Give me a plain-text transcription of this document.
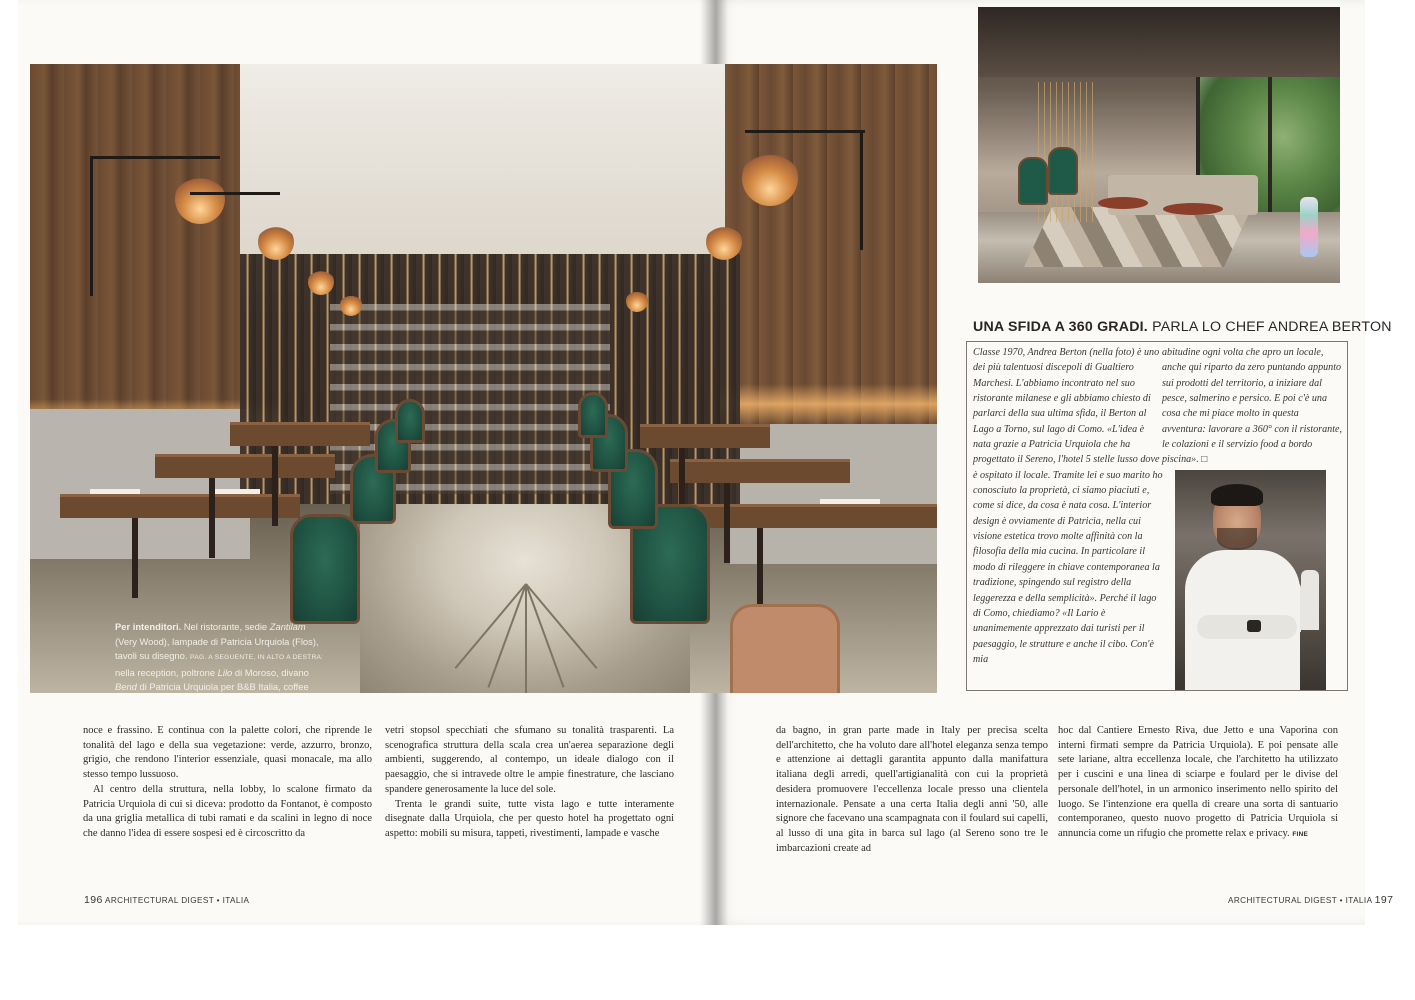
Per intenditori. Nel ristorante, sedie Zantilam (Very Wood), lampade di Patricia Urquiola (Flos), tavoli su disegno. PAG. A SEGUENTE, IN ALTO A DESTRA: nella reception, poltrone Lilo di Moroso, divano Bend di Patricia Urquiola per B&B Italia, coffee
UNA SFIDA A 360 GRADI. PARLA LO CHEF ANDREA BERTON
Classe 1970, Andrea Berton (nella foto) è uno dei più talentuosi discepoli di Gualtiero Marchesi. L'abbiamo incontrato nel suo ristorante milanese e gli abbiamo chiesto di parlarci della sua ultima sfida, il Berton al Lago a Torno, sul lago di Como. «L'idea è nata grazie a Patricia Urquiola che ha progettato il Sereno, l'hotel 5 stelle lusso dove è ospitato il locale. Tramite lei e suo marito ho conosciuto la proprietà, ci siamo piaciuti e, come si dice, da cosa è nata cosa. L'interior design è ovviamente di Patricia, nella cui visione estetica trovo molte affinità con la filosofia della mia cucina. In particolare il modo di rileggere in chiave contemporanea la tradizione, spingendo sul registro della leggerezza e della semplicità». Perché il lago di Como, chiediamo? «Il Lario è unanimemente apprezzato dai turisti per il paesaggio, le strutture e anche il cibo. Con'è mia
abitudine ogni volta che apro un locale, anche qui riparto da zero puntando appunto sui prodotti del territorio, a iniziare dal pesce, salmerino e persico. E poi c'è una cosa che mi piace molto in questa avventura: lavorare a 360° con il ristorante, le colazioni e il servizio food a bordo piscina». □

noce e frassino. E continua con la palette colori, che riprende le tonalità del lago e della sua vegetazione: verde, azzurro, bronzo, grigio, che rendono l'interior essenziale, quasi monacale, ma allo stesso tempo lussuoso.

Al centro della struttura, nella lobby, lo scalone firmato da Patricia Urquiola di cui si diceva: prodotto da Fontanot, è composto da una griglia metallica di tubi ramati e da scalini in legno di noce che danno l'idea di essere sospesi ed è circoscritto da

vetri stopsol specchiati che sfumano su tonalità trasparenti. La scenografica struttura della scala crea un'aerea separazione degli ambienti, suggerendo, al contempo, un ideale dialogo con il paesaggio, che si intravede oltre le ampie finestrature, che lasciano spandere generosamente la luce del sole.

Trenta le grandi suite, tutte vista lago e tutte interamente disegnate dalla Urquiola, che per questo hotel ha progettato ogni aspetto: mobili su misura, tappeti, rivestimenti, lampade e vasche

da bagno, in gran parte made in Italy per precisa scelta dell'architetto, che ha voluto dare all'hotel eleganza senza tempo e attenzione ai dettagli garantita appunto dalla manifattura italiana degli arredi, quell'artigianalità con cui la proprietà desidera promuovere l'eccellenza locale presso una clientela internazionale. Pensate a una certa Italia degli anni '50, alle signore che facevano una scampagnata con il foulard sui capelli, al lusso di una gita in barca sul lago (al Sereno sono tre le imbarcazioni create ad

hoc dal Cantiere Ernesto Riva, due Jetto e una Vaporina con interni firmati sempre da Patricia Urquiola). E poi pensate alle sete lariane, altra eccellenza locale, che l'architetto ha utilizzato per i cuscini e una linea di sciarpe e foulard per le divise del personale dell'hotel, in un armonico inserimento nello spirito del luogo. Se l'intenzione era quella di creare una sorta di santuario contemporaneo, questo nuovo progetto di Patricia Urquiola si annuncia come un rifugio che promette relax e privacy. FINE

196 ARCHITECTURAL DIGEST • ITALIA	ARCHITECTURAL DIGEST • ITALIA 197
